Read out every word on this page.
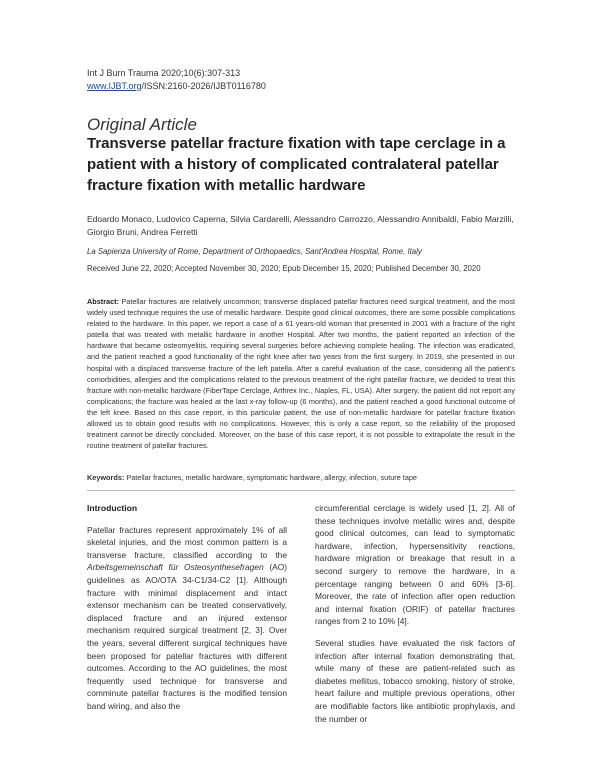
Int J Burn Trauma 2020;10(6):307-313
www.IJBT.org/ISSN:2160-2026/IJBT0116780
Original Article
Transverse patellar fracture fixation with tape cerclage in a patient with a history of complicated contralateral patellar fracture fixation with metallic hardware
Edoardo Monaco, Ludovico Caperna, Silvia Cardarelli, Alessandro Carrozzo, Alessandro Annibaldi, Fabio Marzilli, Giorgio Bruni, Andrea Ferretti
La Sapienza University of Rome, Department of Orthopaedics, Sant'Andrea Hospital, Rome, Italy
Received June 22, 2020; Accepted November 30, 2020; Epub December 15, 2020; Published December 30, 2020
Abstract: Patellar fractures are relatively uncommon; transverse displaced patellar fractures need surgical treatment, and the most widely used technique requires the use of metallic hardware. Despite good clinical outcomes, there are some possible complications related to the hardware. In this paper, we report a case of a 61 years-old woman that presented in 2001 with a fracture of the right patella that was treated with metallic hardware in another Hospital. After two months, the patient reported an infection of the hardware that became osteomyelitis, requiring several surgeries before achieving complete healing. The infection was eradicated, and the patient reached a good functionality of the right knee after two years from the first surgery. In 2019, she presented in our hospital with a displaced transverse fracture of the left patella. After a careful evaluation of the case, considering all the patient's comorbidities, allergies and the complications related to the previous treatment of the right patellar fracture, we decided to treat this fracture with non-metallic hardware (FiberTape Cerclage, Arthrex Inc., Naples, FL, USA). After surgery, the patient did not report any complications; the fracture was healed at the last x-ray follow-up (6 months), and the patient reached a good functional outcome of the left knee. Based on this case report, in this particular patient, the use of non-metallic hardware for patellar fracture fixation allowed us to obtain good results with no complications. However, this is only a case report, so the reliability of the proposed treatment cannot be directly concluded. Moreover, on the base of this case report, it is not possible to extrapolate the result in the routine treatment of patellar fractures.
Keywords: Patellar fractures, metallic hardware, symptomatic hardware, allergy, infection, suture tape
Introduction

Patellar fractures represent approximately 1% of all skeletal injuries, and the most common pattern is a transverse fracture, classified according to the Arbeitsgemeinschaft für Osteosynthesefragen (AO) guidelines as AO/OTA 34-C1/34-C2 [1]. Although fracture with minimal displacement and intact extensor mechanism can be treated conservatively, displaced fracture and an injured extensor mechanism required surgical treatment [2, 3]. Over the years, several different surgical techniques have been proposed for patellar fractures with different outcomes. According to the AO guidelines, the most frequently used technique for transverse and comminute patellar fractures is the modified tension band wiring, and also the

circumferential cerclage is widely used [1, 2]. All of these techniques involve metallic wires and, despite good clinical outcomes, can lead to symptomatic hardware, infection, hypersensitivity reactions, hardware migration or breakage that result in a second surgery to remove the hardware, in a percentage ranging between 0 and 60% [3-6]. Moreover, the rate of infection after open reduction and internal fixation (ORIF) of patellar fractures ranges from 2 to 10% [4].

Several studies have evaluated the risk factors of infection after internal fixation demonstrating that, while many of these are patient-related such as diabetes mellitus, tobacco smoking, history of stroke, heart failure and multiple previous operations, other are modifiable factors like antibiotic prophylaxis, and the number or
